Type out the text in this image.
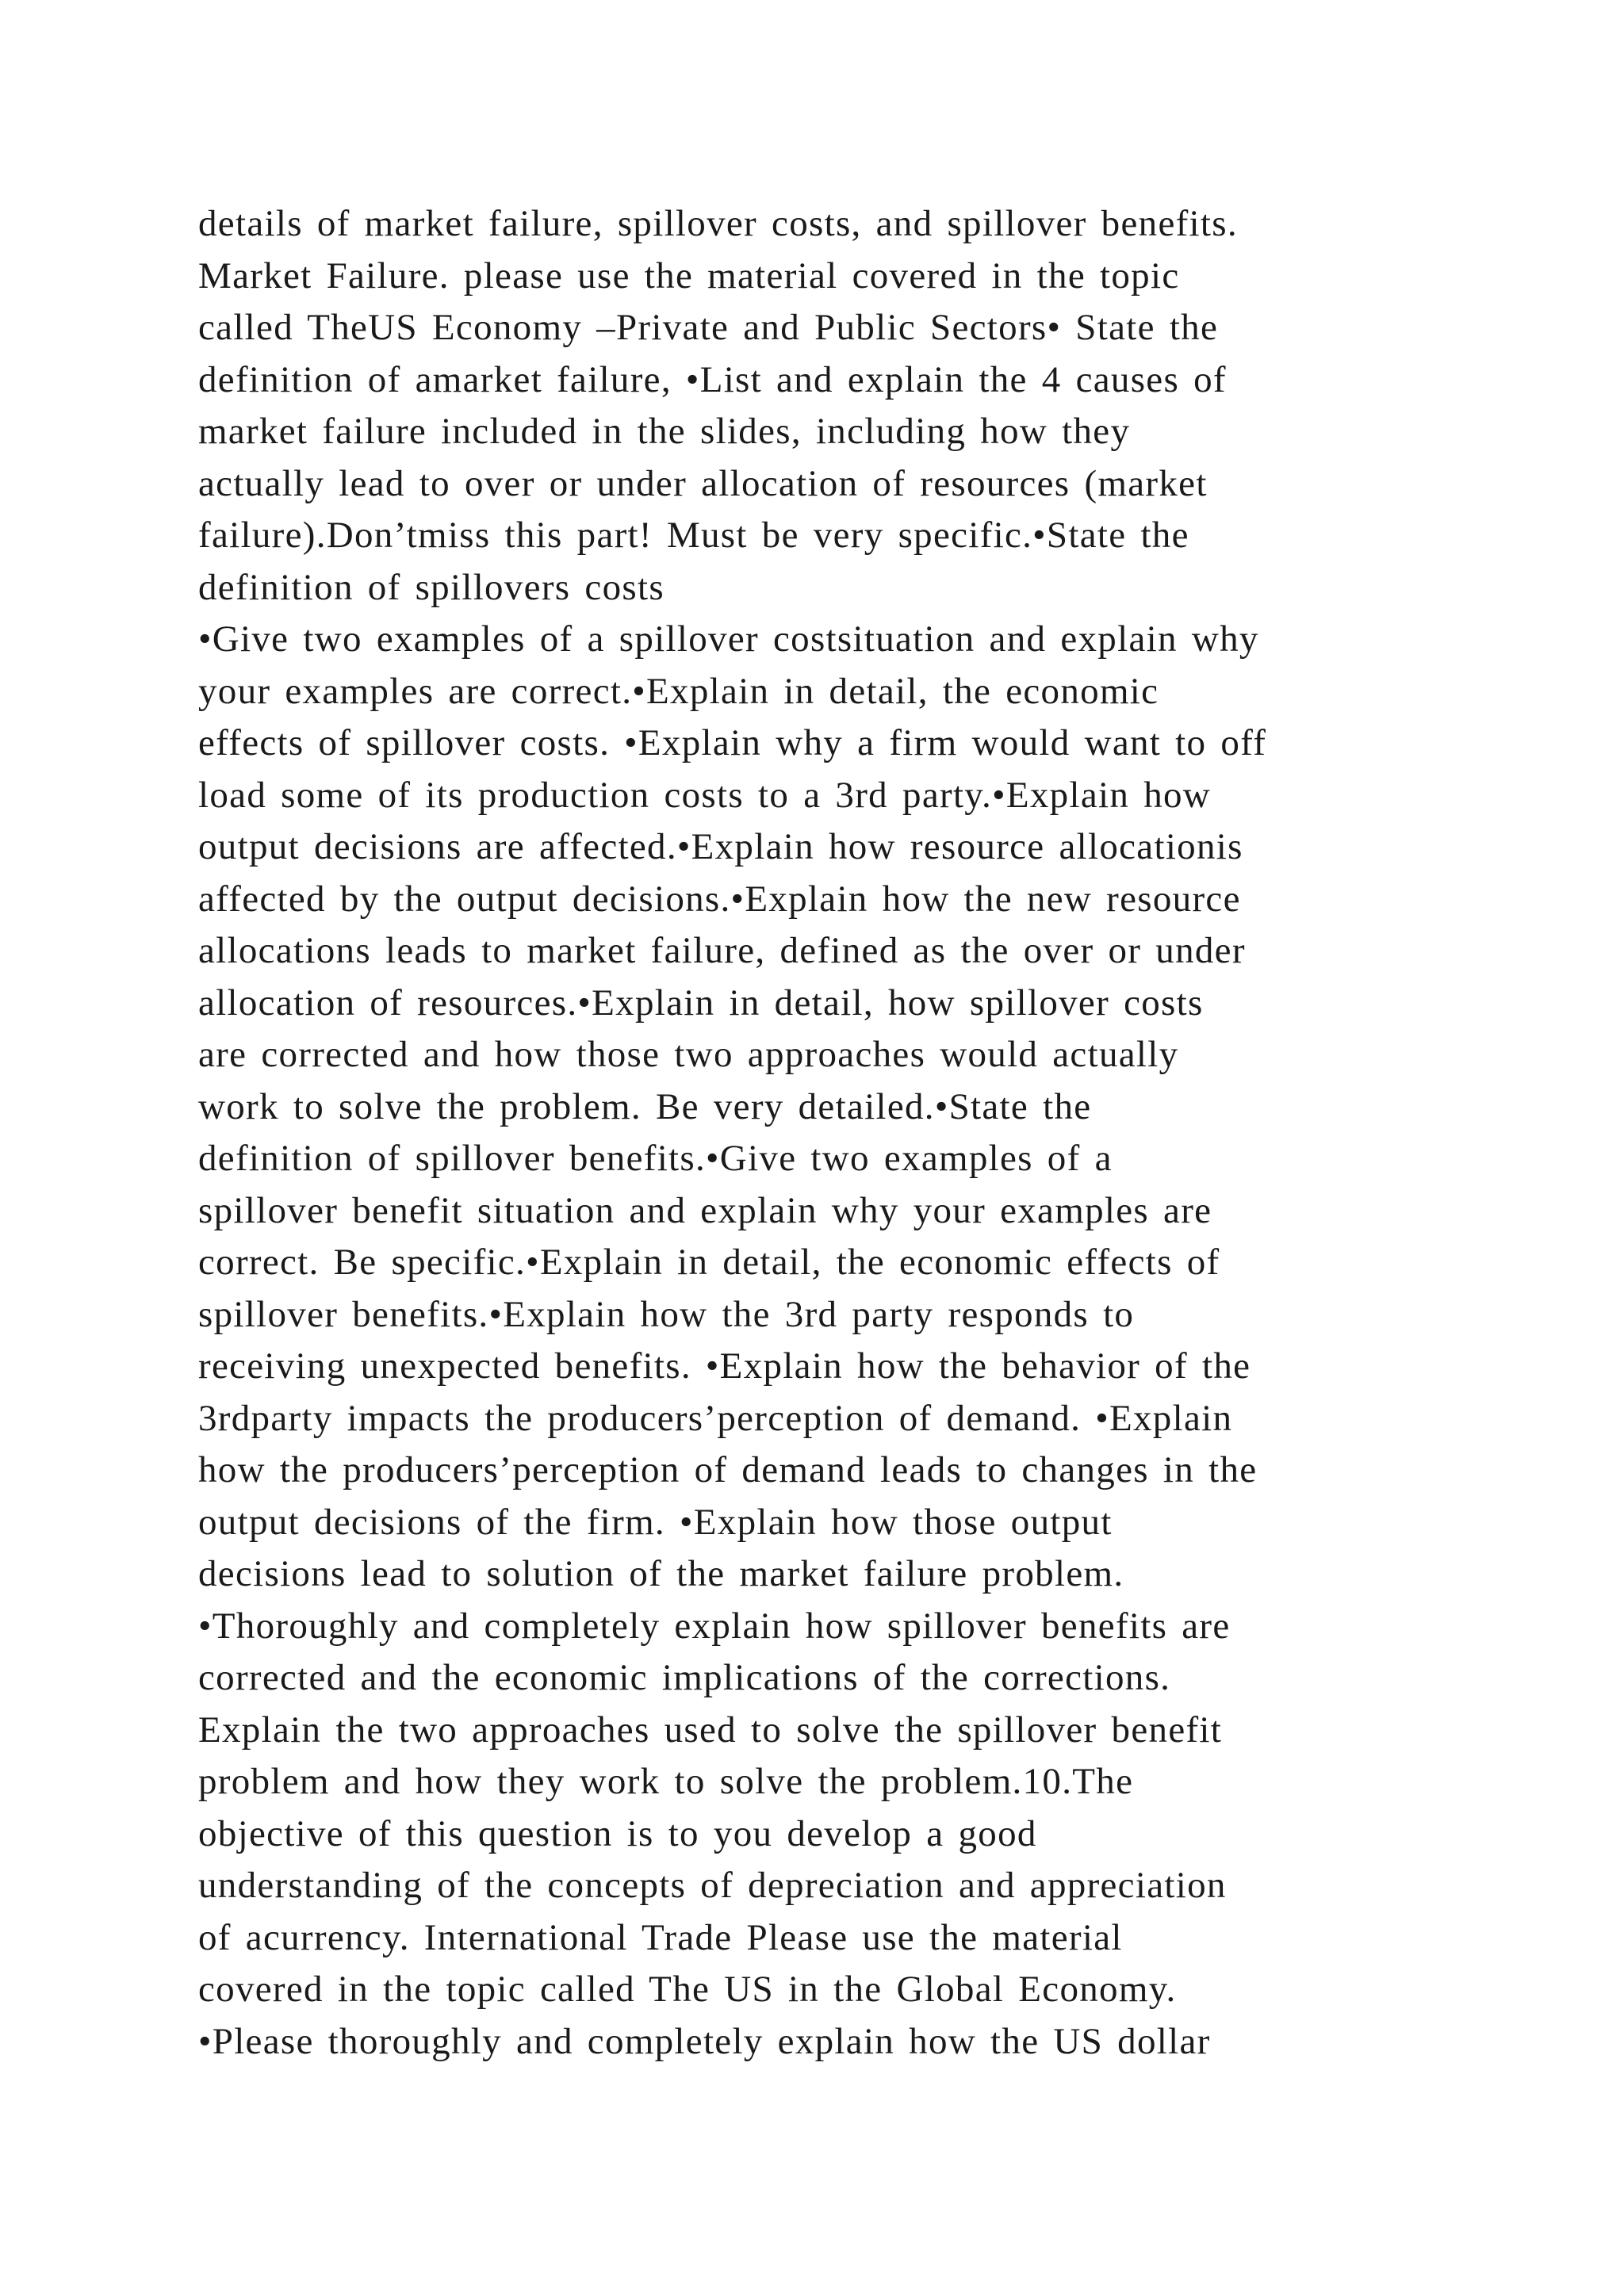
details of market failure, spillover costs, and spillover benefits.
Market Failure. please use the material covered in the topic
called TheUS Economy –Private and Public Sectors• State the
definition of amarket failure, •List and explain the 4 causes of
market failure included in the slides, including how they
actually lead to over or under allocation of resources (market
failure).Don’tmiss this part! Must be very specific.•State the
definition of spillovers costs
•Give two examples of a spillover costsituation and explain why
your examples are correct.•Explain in detail, the economic
effects of spillover costs. •Explain why a firm would want to off
load some of its production costs to a 3rd party.•Explain how
output decisions are affected.•Explain how resource allocationis
affected by the output decisions.•Explain how the new resource
allocations leads to market failure, defined as the over or under
allocation of resources.•Explain in detail, how spillover costs
are corrected and how those two approaches would actually
work to solve the problem. Be very detailed.•State the
definition of spillover benefits.•Give two examples of a
spillover benefit situation and explain why your examples are
correct. Be specific.•Explain in detail, the economic effects of
spillover benefits.•Explain how the 3rd party responds to
receiving unexpected benefits. •Explain how the behavior of the
3rdparty impacts the producers’perception of demand. •Explain
how the producers’perception of demand leads to changes in the
output decisions of the firm. •Explain how those output
decisions lead to solution of the market failure problem.
•Thoroughly and completely explain how spillover benefits are
corrected and the economic implications of the corrections.
Explain the two approaches used to solve the spillover benefit
problem and how they work to solve the problem.10.The
objective of this question is to you develop a good
understanding of the concepts of depreciation and appreciation
of acurrency. International Trade Please use the material
covered in the topic called The US in the Global Economy.
•Please thoroughly and completely explain how the US dollar
